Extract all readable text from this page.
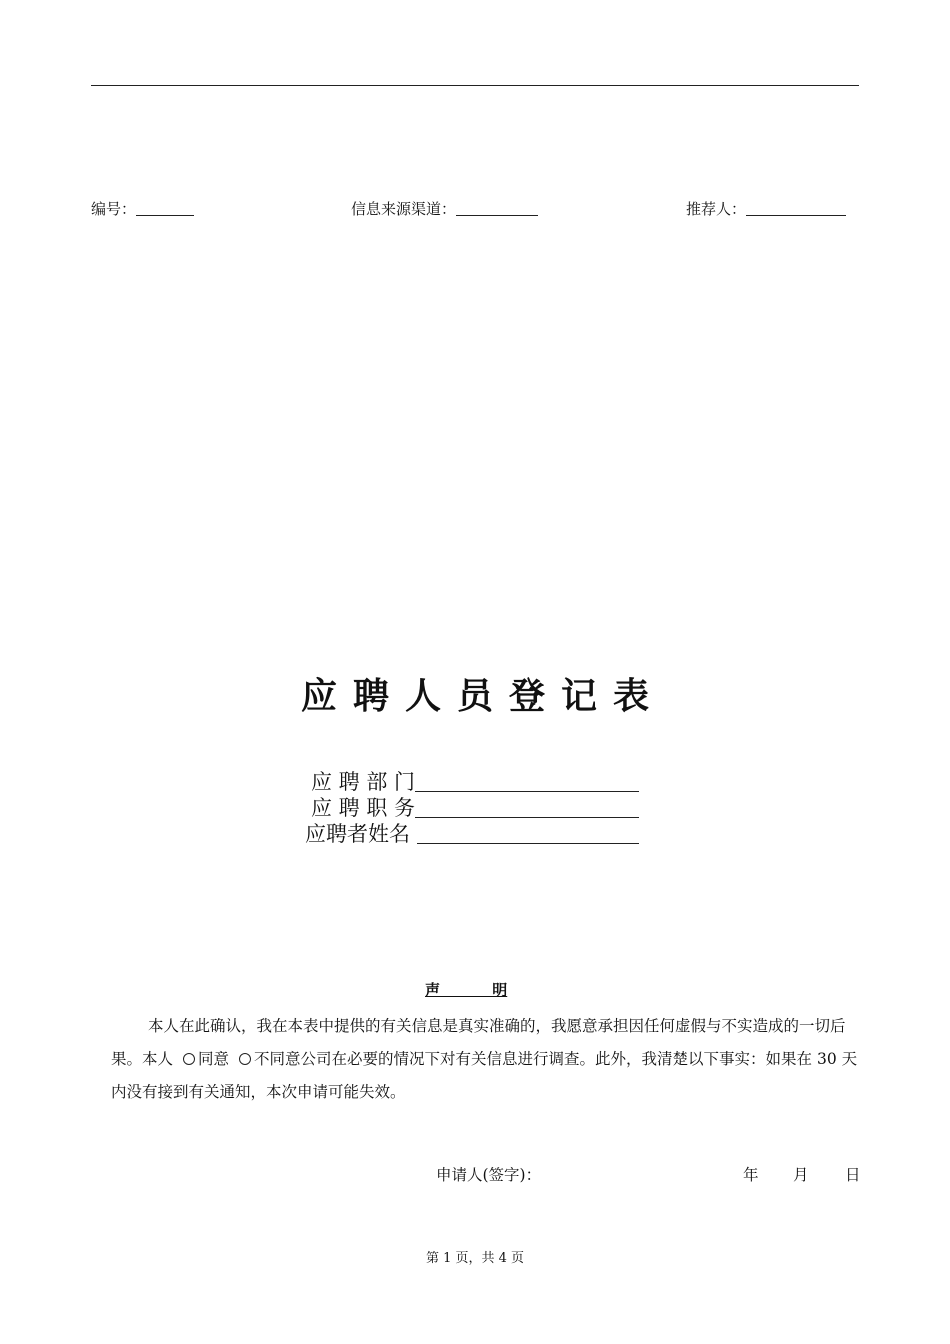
编号：	信息来源渠道：	推荐人：
应聘人员登记表
应 聘 部 门
应 聘 职 务
应聘者姓名
声          明
本人在此确认，我在本表中提供的有关信息是真实准确的，我愿意承担因任何虚假与不实造成的一切后果。本人 同意 不同意公司在必要的情况下对有关信息进行调查。此外，我清楚以下事实：如果在 30 天内没有接到有关通知，本次申请可能失效。
申请人(签字)：	年 月 日
第 1 页，共 4 页
